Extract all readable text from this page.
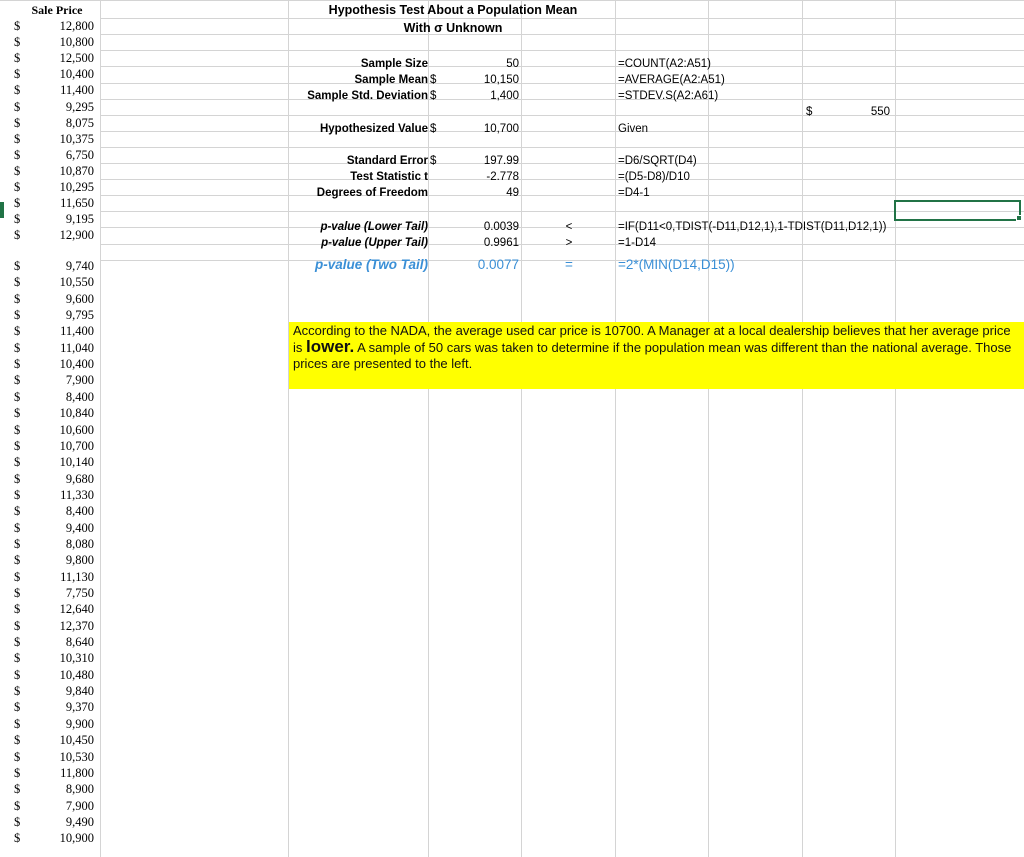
Sale Price
$	12,800
$	10,800
$	12,500
$	10,400
$	11,400
$	9,295
$	8,075
$	10,375
$	6,750
$	10,870
$	10,295
$	11,650
$	9,195
$	12,900
$	9,740
$	10,550
$	9,600
$	9,795
$	11,400
$	11,040
$	10,400
$	7,900
$	8,400
$	10,840
$	10,600
$	10,700
$	10,140
$	9,680
$	11,330
$	8,400
$	9,400
$	8,080
$	9,800
$	11,130
$	7,750
$	12,640
$	12,370
$	8,640
$	10,310
$	10,480
$	9,840
$	9,370
$	9,900
$	10,450
$	10,530
$	11,800
$	8,900
$	7,900
$	9,490
$	10,900
Hypothesis Test About a Population Mean
With σ Unknown
Sample Size	50	=COUNT(A2:A51)
Sample Mean $	10,150	=AVERAGE(A2:A51)
Sample Std. Deviation $	1,400	=STDEV.S(A2:A61)
$	550
Hypothesized Value $	10,700	Given
Standard Error $	197.99	=D6/SQRT(D4)
Test Statistic t	-2.778	=(D5-D8)/D10
Degrees of Freedom	49	=D4-1
p-value (Lower Tail)	0.0039	<	=IF(D11<0,TDIST(-D11,D12,1),1-TDIST(D11,D12,1))
p-value (Upper Tail)	0.9961	>	=1-D14
p-value (Two Tail)	0.0077	=	=2*(MIN(D14,D15))
According to the NADA, the average used car price is 10700. A Manager at a local dealership believes that her average price is lower. A sample of 50 cars was taken to determine if the population mean was different than the national average. Those prices are presented to the left.
